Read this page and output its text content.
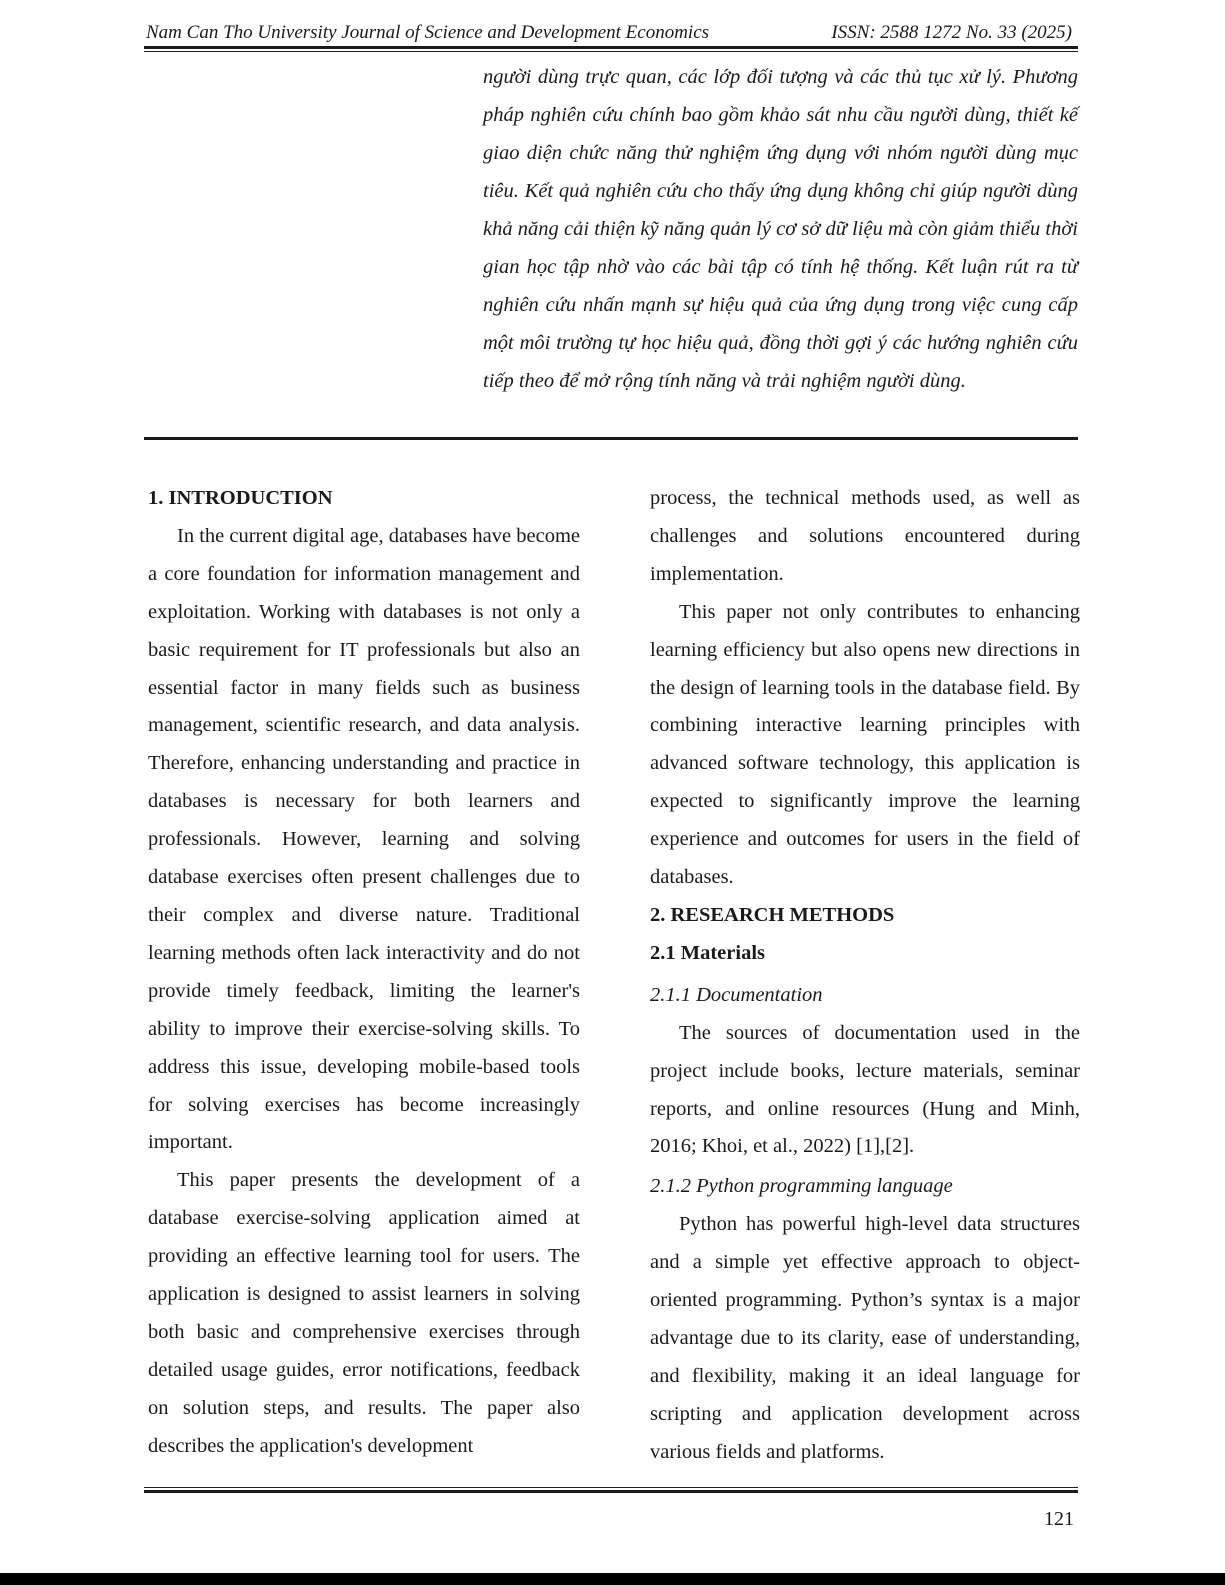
Nam Can Tho University Journal of Science and Development Economics	ISSN: 2588 1272 No. 33 (2025)
người dùng trực quan, các lớp đối tượng và các thủ tục xử lý. Phương pháp nghiên cứu chính bao gồm khảo sát nhu cầu người dùng, thiết kế giao diện chức năng thử nghiệm ứng dụng với nhóm người dùng mục tiêu. Kết quả nghiên cứu cho thấy ứng dụng không chỉ giúp người dùng khả năng cải thiện kỹ năng quản lý cơ sở dữ liệu mà còn giảm thiểu thời gian học tập nhờ vào các bài tập có tính hệ thống. Kết luận rút ra từ nghiên cứu nhấn mạnh sự hiệu quả của ứng dụng trong việc cung cấp một môi trường tự học hiệu quả, đồng thời gợi ý các hướng nghiên cứu tiếp theo để mở rộng tính năng và trải nghiệm người dùng.
1. INTRODUCTION

In the current digital age, databases have become a core foundation for information management and exploitation. Working with databases is not only a basic requirement for IT professionals but also an essential factor in many fields such as business management, scientific research, and data analysis. Therefore, enhancing understanding and practice in databases is necessary for both learners and professionals. However, learning and solving database exercises often present challenges due to their complex and diverse nature. Traditional learning methods often lack interactivity and do not provide timely feedback, limiting the learner's ability to improve their exercise-solving skills. To address this issue, developing mobile-based tools for solving exercises has become increasingly important.

This paper presents the development of a database exercise-solving application aimed at providing an effective learning tool for users. The application is designed to assist learners in solving both basic and comprehensive exercises through detailed usage guides, error notifications, feedback on solution steps, and results. The paper also describes the application's development

process, the technical methods used, as well as challenges and solutions encountered during implementation.

This paper not only contributes to enhancing learning efficiency but also opens new directions in the design of learning tools in the database field. By combining interactive learning principles with advanced software technology, this application is expected to significantly improve the learning experience and outcomes for users in the field of databases.

2. RESEARCH METHODS
2.1 Materials
2.1.1 Documentation

The sources of documentation used in the project include books, lecture materials, seminar reports, and online resources (Hung and Minh, 2016; Khoi, et al., 2022) [1],[2].

2.1.2 Python programming language

Python has powerful high-level data structures and a simple yet effective approach to object-oriented programming. Python’s syntax is a major advantage due to its clarity, ease of understanding, and flexibility, making it an ideal language for scripting and application development across various fields and platforms.

121
